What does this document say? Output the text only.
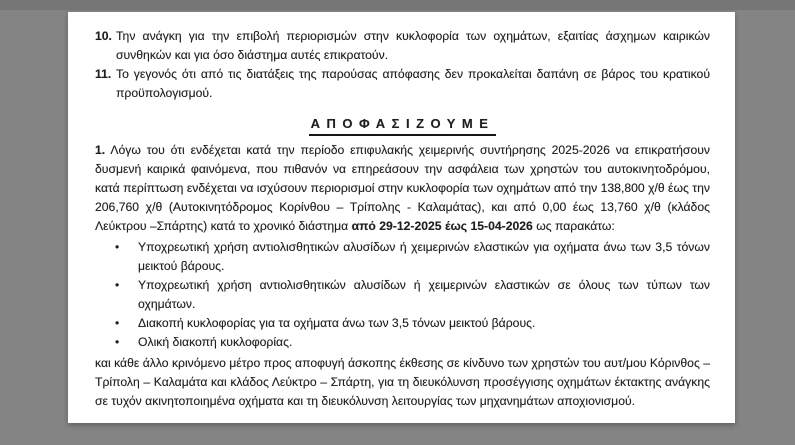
10. Την ανάγκη για την επιβολή περιορισμών στην κυκλοφορία των οχημάτων, εξαιτίας άσχημων καιρικών συνθηκών και για όσο διάστημα αυτές επικρατούν.
11. Το γεγονός ότι από τις διατάξεις της παρούσας απόφασης δεν προκαλείται δαπάνη σε βάρος του κρατικού προϋπολογισμού.
ΑΠΟΦΑΣΙΖΟΥΜΕ
1. Λόγω του ότι ενδέχεται κατά την περίοδο επιφυλακής χειμερινής συντήρησης 2025-2026 να επικρατήσουν δυσμενή καιρικά φαινόμενα, που πιθανόν να επηρεάσουν την ασφάλεια των χρηστών του αυτοκινητοδρόμου, κατά περίπτωση ενδέχεται να ισχύσουν περιορισμοί στην κυκλοφορία των οχημάτων από την 138,800 χ/θ έως την 206,760 χ/θ (Αυτοκινητόδρομος Κορίνθου – Τρίπολης - Καλαμάτας), και από 0,00 έως 13,760 χ/θ (κλάδος Λεύκτρου –Σπάρτης) κατά το χρονικό διάστημα από 29-12-2025 έως 15-04-2026 ως παρακάτω:
•	Υποχρεωτική χρήση αντιολισθητικών αλυσίδων ή χειμερινών ελαστικών για οχήματα άνω των 3,5 τόνων μεικτού βάρους.
•	Υποχρεωτική χρήση αντιολισθητικών αλυσίδων ή χειμερινών ελαστικών σε όλους των τύπων των οχημάτων.
•	Διακοπή κυκλοφορίας για τα οχήματα άνω των 3,5 τόνων μεικτού βάρους.
•	Ολική διακοπή κυκλοφορίας.
και κάθε άλλο κρινόμενο μέτρο προς αποφυγή άσκοπης έκθεσης σε κίνδυνο των χρηστών του αυτ/μου Κόρινθος – Τρίπολη – Καλαμάτα και κλάδος Λεύκτρο – Σπάρτη, για τη διευκόλυνση προσέγγισης οχημάτων έκτακτης ανάγκης σε τυχόν ακινητοποιημένα οχήματα και τη διευκόλυνση λειτουργίας των μηχανημάτων αποχιονισμού.
